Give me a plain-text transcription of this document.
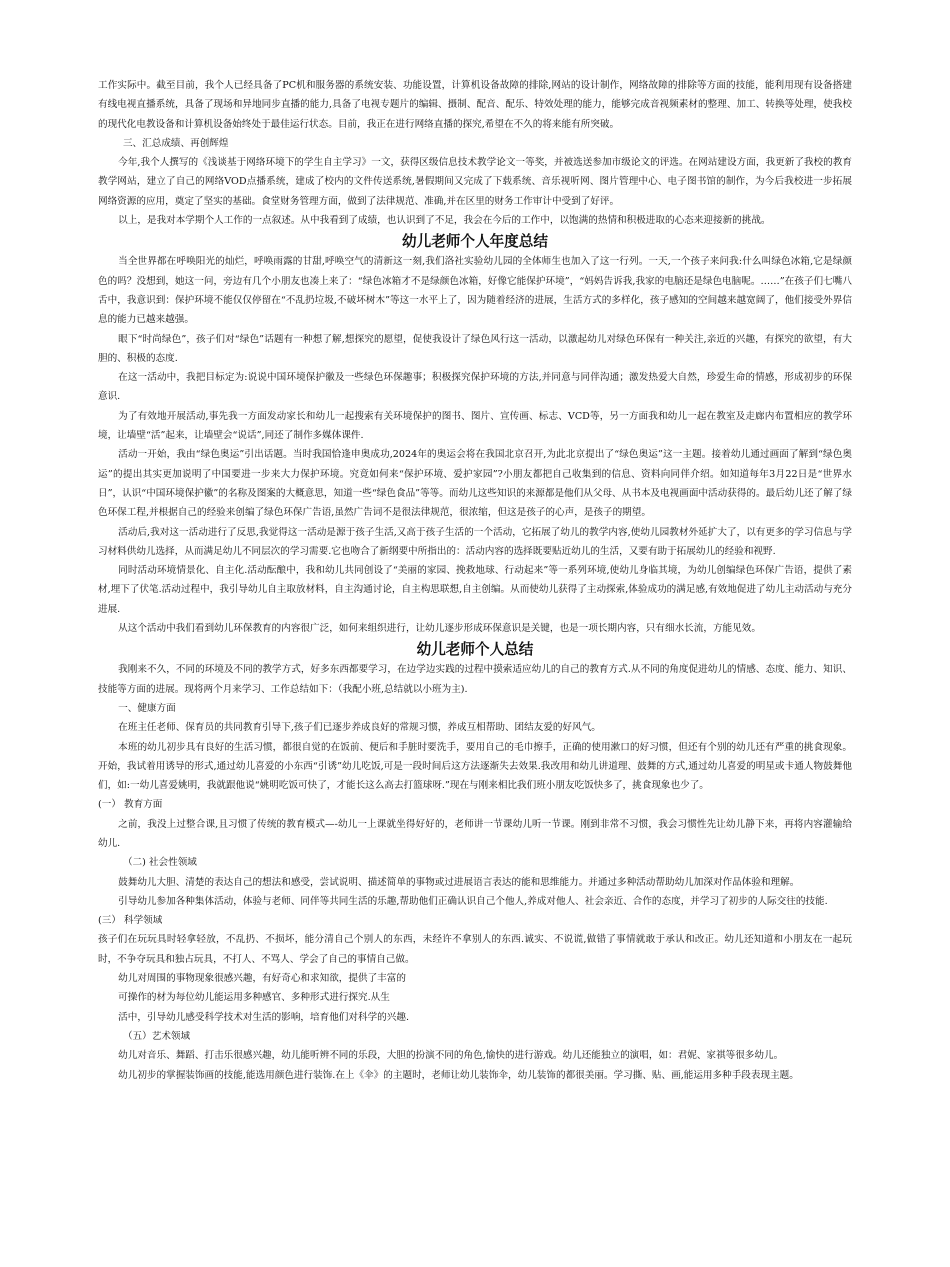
工作实际中。截至目前，我个人已经具备了PC机和服务器的系统安装、功能设置，计算机设备故障的排除,网站的设计制作，网络故障的排除等方面的技能，能利用现有设备搭建有线电视直播系统，具备了现场和异地同步直播的能力,具备了电视专题片的编辑、摄制、配音、配乐、特效处理的能力，能够完成音视频素材的整理、加工、转换等处理，使我校的现代化电教设备和计算机设备始终处于最佳运行状态。目前，我正在进行网络直播的探究,希望在不久的将来能有所突破。

三、汇总成绩、再创辉煌

今年,我个人撰写的《浅谈基于网络环境下的学生自主学习》一文，获得区级信息技术教学论文一等奖，并被选送参加市级论文的评选。在网站建设方面，我更新了我校的教育教学网站，建立了自己的网络VOD点播系统，建成了校内的文件传送系统,暑假期间又完成了下载系统、音乐视听网、图片管理中心、电子图书馆的制作，为今后我校进一步拓展网络资源的应用，奠定了坚实的基础。食堂财务管理方面，做到了法律规范、准确,并在区里的财务工作审计中受到了好评。

以上，是我对本学期个人工作的一点叙述。从中我看到了成绩，也认识到了不足，我会在今后的工作中，以饱满的热情和积极进取的心态来迎接新的挑战。

幼儿老师个人年度总结

当全世界都在呼唤阳光的灿烂，呼唤雨露的甘甜,呼唤空气的清新这一刻,我们洛社实验幼儿园的全体师生也加入了这一行列。一天,一个孩子来问我:什么叫绿色冰箱,它是绿颜色的吗？没想到，她这一问，旁边有几个小朋友也凑上来了：“绿色冰箱才不是绿颜色冰箱，好像它能保护环境”，“妈妈告诉我,我家的电脑还是绿色电脑呢。……”在孩子们七嘴八舌中，我意识到：保护环境不能仅仅停留在“不乱扔垃圾,不破坏树木”等这一水平上了，因为随着经济的进展，生活方式的多样化，孩子感知的空间越来越宽阔了，他们接受外界信息的能力已越来越强。

眼下“时尚绿色”，孩子们对“绿色”话题有一种想了解,想探究的愿望，促使我设计了绿色风行这一活动，以激起幼儿对绿色环保有一种关注,亲近的兴趣，有探究的欲望，有大胆的、积极的态度.

在这一活动中，我把目标定为:说说中国环境保护徽及一些绿色环保趣事；积极探究保护环境的方法,并同意与同伴沟通；激发热爱大自然，珍爱生命的情感，形成初步的环保意识.

为了有效地开展活动,事先我一方面发动家长和幼儿一起搜索有关环境保护的图书、图片、宣传画、标志、VCD等，另一方面我和幼儿一起在教室及走廊内布置相应的教学环境，让墙壁“活”起来，让墙壁会“说话”,同还了制作多媒体课件.

活动一开始，我由“绿色奥运”引出话题。当时我国恰逢申奥成功,2024年的奥运会将在我国北京召开,为此北京提出了“绿色奥运”这一主题。接着幼儿通过画面了解到“绿色奥运”的提出其实更加说明了中国要进一步来大力保护环境。究竟如何来“保护环境、爱护家园”?小朋友都把自己收集到的信息、资料向同伴介绍。如知道每年3月22日是“世界水日”，认识“中国环境保护徽”的名称及图案的大概意思，知道一些“绿色食品”等等。而幼儿这些知识的来源都是他们从父母、从书本及电视画面中活动获得的。最后幼儿还了解了绿色环保工程,并根据自己的经验来创编了绿色环保广告语,虽然广告词不是很法律规范，很浓缩，但这是孩子的心声，是孩子的期望。

活动后,我对这一活动进行了反思,我觉得这一活动是源于孩子生活,又高于孩子生活的一个活动，它拓展了幼儿的教学内容,使幼儿园教材外延扩大了，以有更多的学习信息与学习材料供幼儿选择，从而满足幼儿不同层次的学习需要.它也吻合了新纲要中所指出的：活动内容的选择既要贴近幼儿的生活，又要有助于拓展幼儿的经验和视野.

同时活动环境情景化、自主化.活动酝酿中，我和幼儿共同创设了“美丽的家园、挽救地球、行动起来”等一系列环境,使幼儿身临其境，为幼儿创编绿色环保广告语，提供了素材,埋下了伏笔.活动过程中，我引导幼儿自主取放材料，自主沟通讨论，自主构思联想,自主创编。从而使幼儿获得了主动探索,体验成功的满足感,有效地促进了幼儿主动活动与充分进展.

从这个活动中我们看到幼儿环保教育的内容很广泛，如何来组织进行，让幼儿逐步形成环保意识是关键，也是一项长期内容，只有细水长流，方能见效。

幼儿老师个人总结

我刚来不久，不同的环境及不同的教学方式，好多东西都要学习，在边学边实践的过程中摸索适应幼儿的自己的教育方式.从不同的角度促进幼儿的情感、态度、能力、知识、技能等方面的进展。现将两个月来学习、工作总结如下：（我配小班,总结就以小班为主).

一、健康方面

在班主任老师、保育员的共同教育引导下,孩子们已逐步养成良好的常规习惯，养成互相帮助、团结友爱的好风气。

本班的幼儿初步具有良好的生活习惯，都很自觉的在饭前、便后和手脏时要洗手，要用自己的毛巾擦手，正确的使用漱口的好习惯，但还有个别的幼儿还有严重的挑食现象。开始，我试着用诱导的形式,通过幼儿喜爱的小东西“引诱”幼儿吃饭,可是一段时间后这方法逐渐失去效果.我改用和幼儿讲道理、鼓舞的方式,通过幼儿喜爱的明星或卡通人物鼓舞他们，如:一幼儿喜爱姚明，我就跟他说“姚明吃饭可快了，才能长这么高去打篮球呀.”现在与刚来相比我们班小朋友吃饭快多了，挑食现象也少了。

(一） 教育方面

之前，我没上过整合课,且习惯了传统的教育模式—-幼儿一上课就坐得好好的，老师讲一节课幼儿听一节课。刚到非常不习惯，我会习惯性先让幼儿静下来，再将内容灌输给幼儿.

（二) 社会性领域

鼓舞幼儿大胆、清楚的表达自己的想法和感受，尝试说明、描述简单的事物或过进展语言表达的能和思维能力。并通过多种活动帮助幼儿加深对作品体验和理解。

引导幼儿参加各种集体活动，体验与老师、同伴等共同生活的乐趣,帮助他们正确认识自己个他人,养成对他人、社会亲近、合作的态度，并学习了初步的人际交往的技能.

(三） 科学领域

孩子们在玩玩具时轻拿轻放，不乱扔、不损坏，能分清自己个别人的东西，未经许不拿别人的东西.诚实、不说谎,做错了事情就敢于承认和改正。幼儿还知道和小朋友在一起玩时，不争夺玩具和独占玩具，不打人、不骂人、学会了自己的事情自己做。

幼儿对周围的事物现象很感兴趣，有好奇心和求知欲，提供了丰富的

可操作的材为每位幼儿能运用多种感官、多种形式进行探究.从生

活中，引导幼儿感受科学技术对生活的影响，培育他们对科学的兴趣.

（五）艺术领域

幼儿对音乐、舞蹈、打击乐很感兴趣，幼儿能听辨不同的乐段，大胆的扮演不同的角色,愉快的进行游戏。幼儿还能独立的演唱，如：君妮、家祺等很多幼儿。

幼儿初步的掌握装饰画的技能,能选用颜色进行装饰.在上《伞》的主题时，老师让幼儿装饰伞，幼儿装饰的都很美丽。学习撕、贴、画,能运用多种手段表现主题。
